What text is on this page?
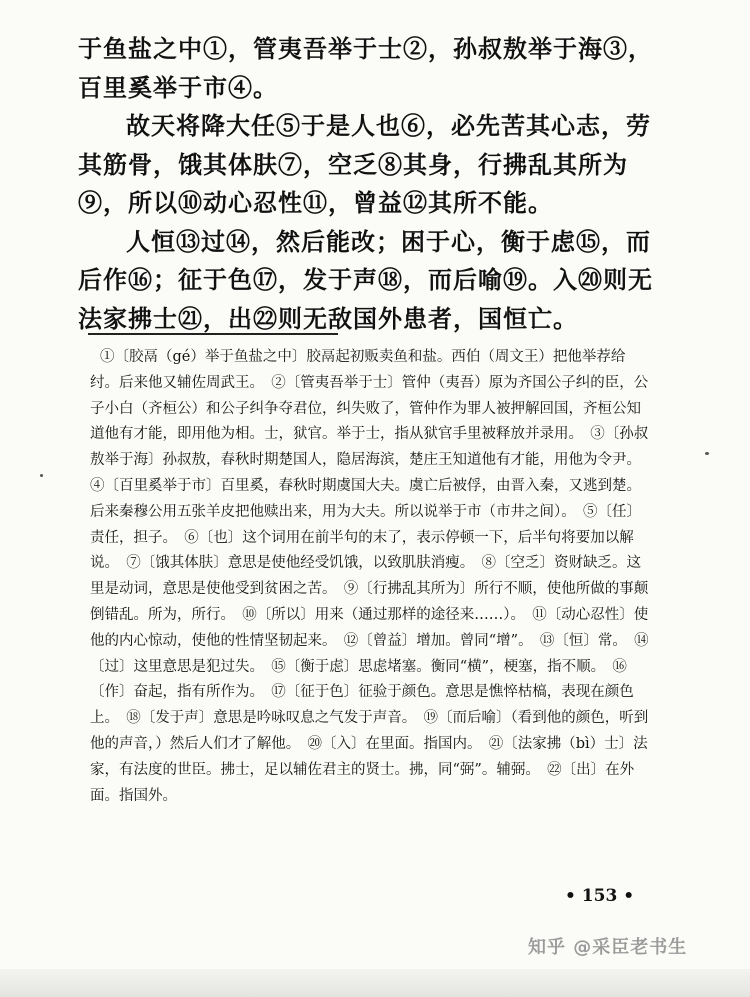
于鱼盐之中①，管夷吾举于士②，孙叔敖举于海③，百里奚举于市④。

故天将降大任⑤于是人也⑥，必先苦其心志，劳其筋骨，饿其体肤⑦，空乏⑧其身，行拂乱其所为⑨，所以⑩动心忍性⑪，曾益⑫其所不能。

人恒⑬过⑭，然后能改；困于心，衡于虑⑮，而后作⑯；征于色⑰，发于声⑱，而后喻⑲。入⑳则无法家拂士㉑，出㉒则无敌国外患者，国恒亡。

①〔胶鬲（gé）举于鱼盐之中〕胶鬲起初贩卖鱼和盐。西伯（周文王）把他举荐给纣。后来他又辅佐周武王。　②〔管夷吾举于士〕管仲（夷吾）原为齐国公子纠的臣，公子小白（齐桓公）和公子纠争夺君位，纠失败了，管仲作为罪人被押解回国，齐桓公知道他有才能，即用他为相。士，狱官。举于士，指从狱官手里被释放并录用。　③〔孙叔敖举于海〕孙叔敖，春秋时期楚国人，隐居海滨，楚庄王知道他有才能，用他为令尹。　④〔百里奚举于市〕百里奚，春秋时期虞国大夫。虞亡后被俘，由晋入秦，又逃到楚。后来秦穆公用五张羊皮把他赎出来，用为大夫。所以说举于市（市井之间）。　⑤〔任〕责任，担子。　⑥〔也〕这个词用在前半句的末了，表示停顿一下，后半句将要加以解说。　⑦〔饿其体肤〕意思是使他经受饥饿，以致肌肤消瘦。　⑧〔空乏〕资财缺乏。这里是动词，意思是使他受到贫困之苦。　⑨〔行拂乱其所为〕所行不顺，使他所做的事颠倒错乱。所为，所行。　⑩〔所以〕用来（通过那样的途径来……）。　⑪〔动心忍性〕使他的内心惊动，使他的性情坚韧起来。　⑫〔曾益〕增加。曾同“增”。　⑬〔恒〕常。　⑭〔过〕这里意思是犯过失。　⑮〔衡于虑〕思虑堵塞。衡同“横”，梗塞，指不顺。　⑯〔作〕奋起，指有所作为。　⑰〔征于色〕征验于颜色。意思是憔悴枯槁，表现在颜色上。　⑱〔发于声〕意思是吟咏叹息之气发于声音。　⑲〔而后喻〕（看到他的颜色，听到他的声音，）然后人们才了解他。　⑳〔入〕在里面。指国内。　㉑〔法家拂（bì）士〕法家，有法度的世臣。拂士，足以辅佐君主的贤士。拂，同“弼”。辅弼。　㉒〔出〕在外面。指国外。

• 153 •
知乎 @采臣老书生
